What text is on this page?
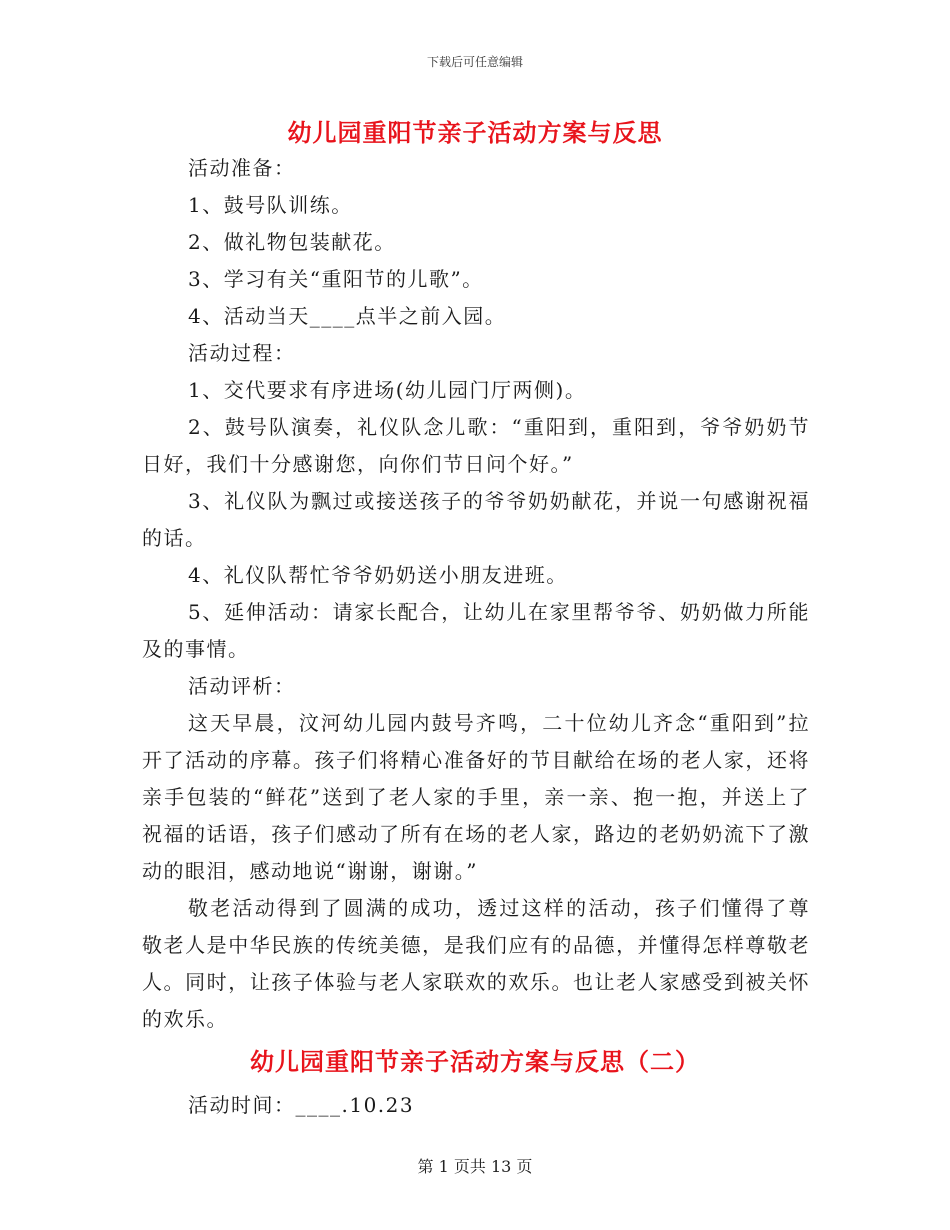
下载后可任意编辑
幼儿园重阳节亲子活动方案与反思

活动准备：

1、鼓号队训练。

2、做礼物包装献花。

3、学习有关“重阳节的儿歌”。

4、活动当天____点半之前入园。

活动过程：

1、交代要求有序进场(幼儿园门厅两侧)。

2、鼓号队演奏，礼仪队念儿歌：“重阳到，重阳到，爷爷奶奶节日好，我们十分感谢您，向你们节日问个好。”

3、礼仪队为飘过或接送孩子的爷爷奶奶献花，并说一句感谢祝福的话。

4、礼仪队帮忙爷爷奶奶送小朋友进班。

5、延伸活动：请家长配合，让幼儿在家里帮爷爷、奶奶做力所能及的事情。

活动评析：

这天早晨，汶河幼儿园内鼓号齐鸣，二十位幼儿齐念“重阳到”拉开了活动的序幕。孩子们将精心准备好的节目献给在场的老人家，还将亲手包装的“鲜花”送到了老人家的手里，亲一亲、抱一抱，并送上了祝福的话语，孩子们感动了所有在场的老人家，路边的老奶奶流下了激动的眼泪，感动地说“谢谢，谢谢。”

敬老活动得到了圆满的成功，透过这样的活动，孩子们懂得了尊敬老人是中华民族的传统美德，是我们应有的品德，并懂得怎样尊敬老人。同时，让孩子体验与老人家联欢的欢乐。也让老人家感受到被关怀的欢乐。

幼儿园重阳节亲子活动方案与反思（二）

活动时间：____.10.23

第 1 页共 13 页
